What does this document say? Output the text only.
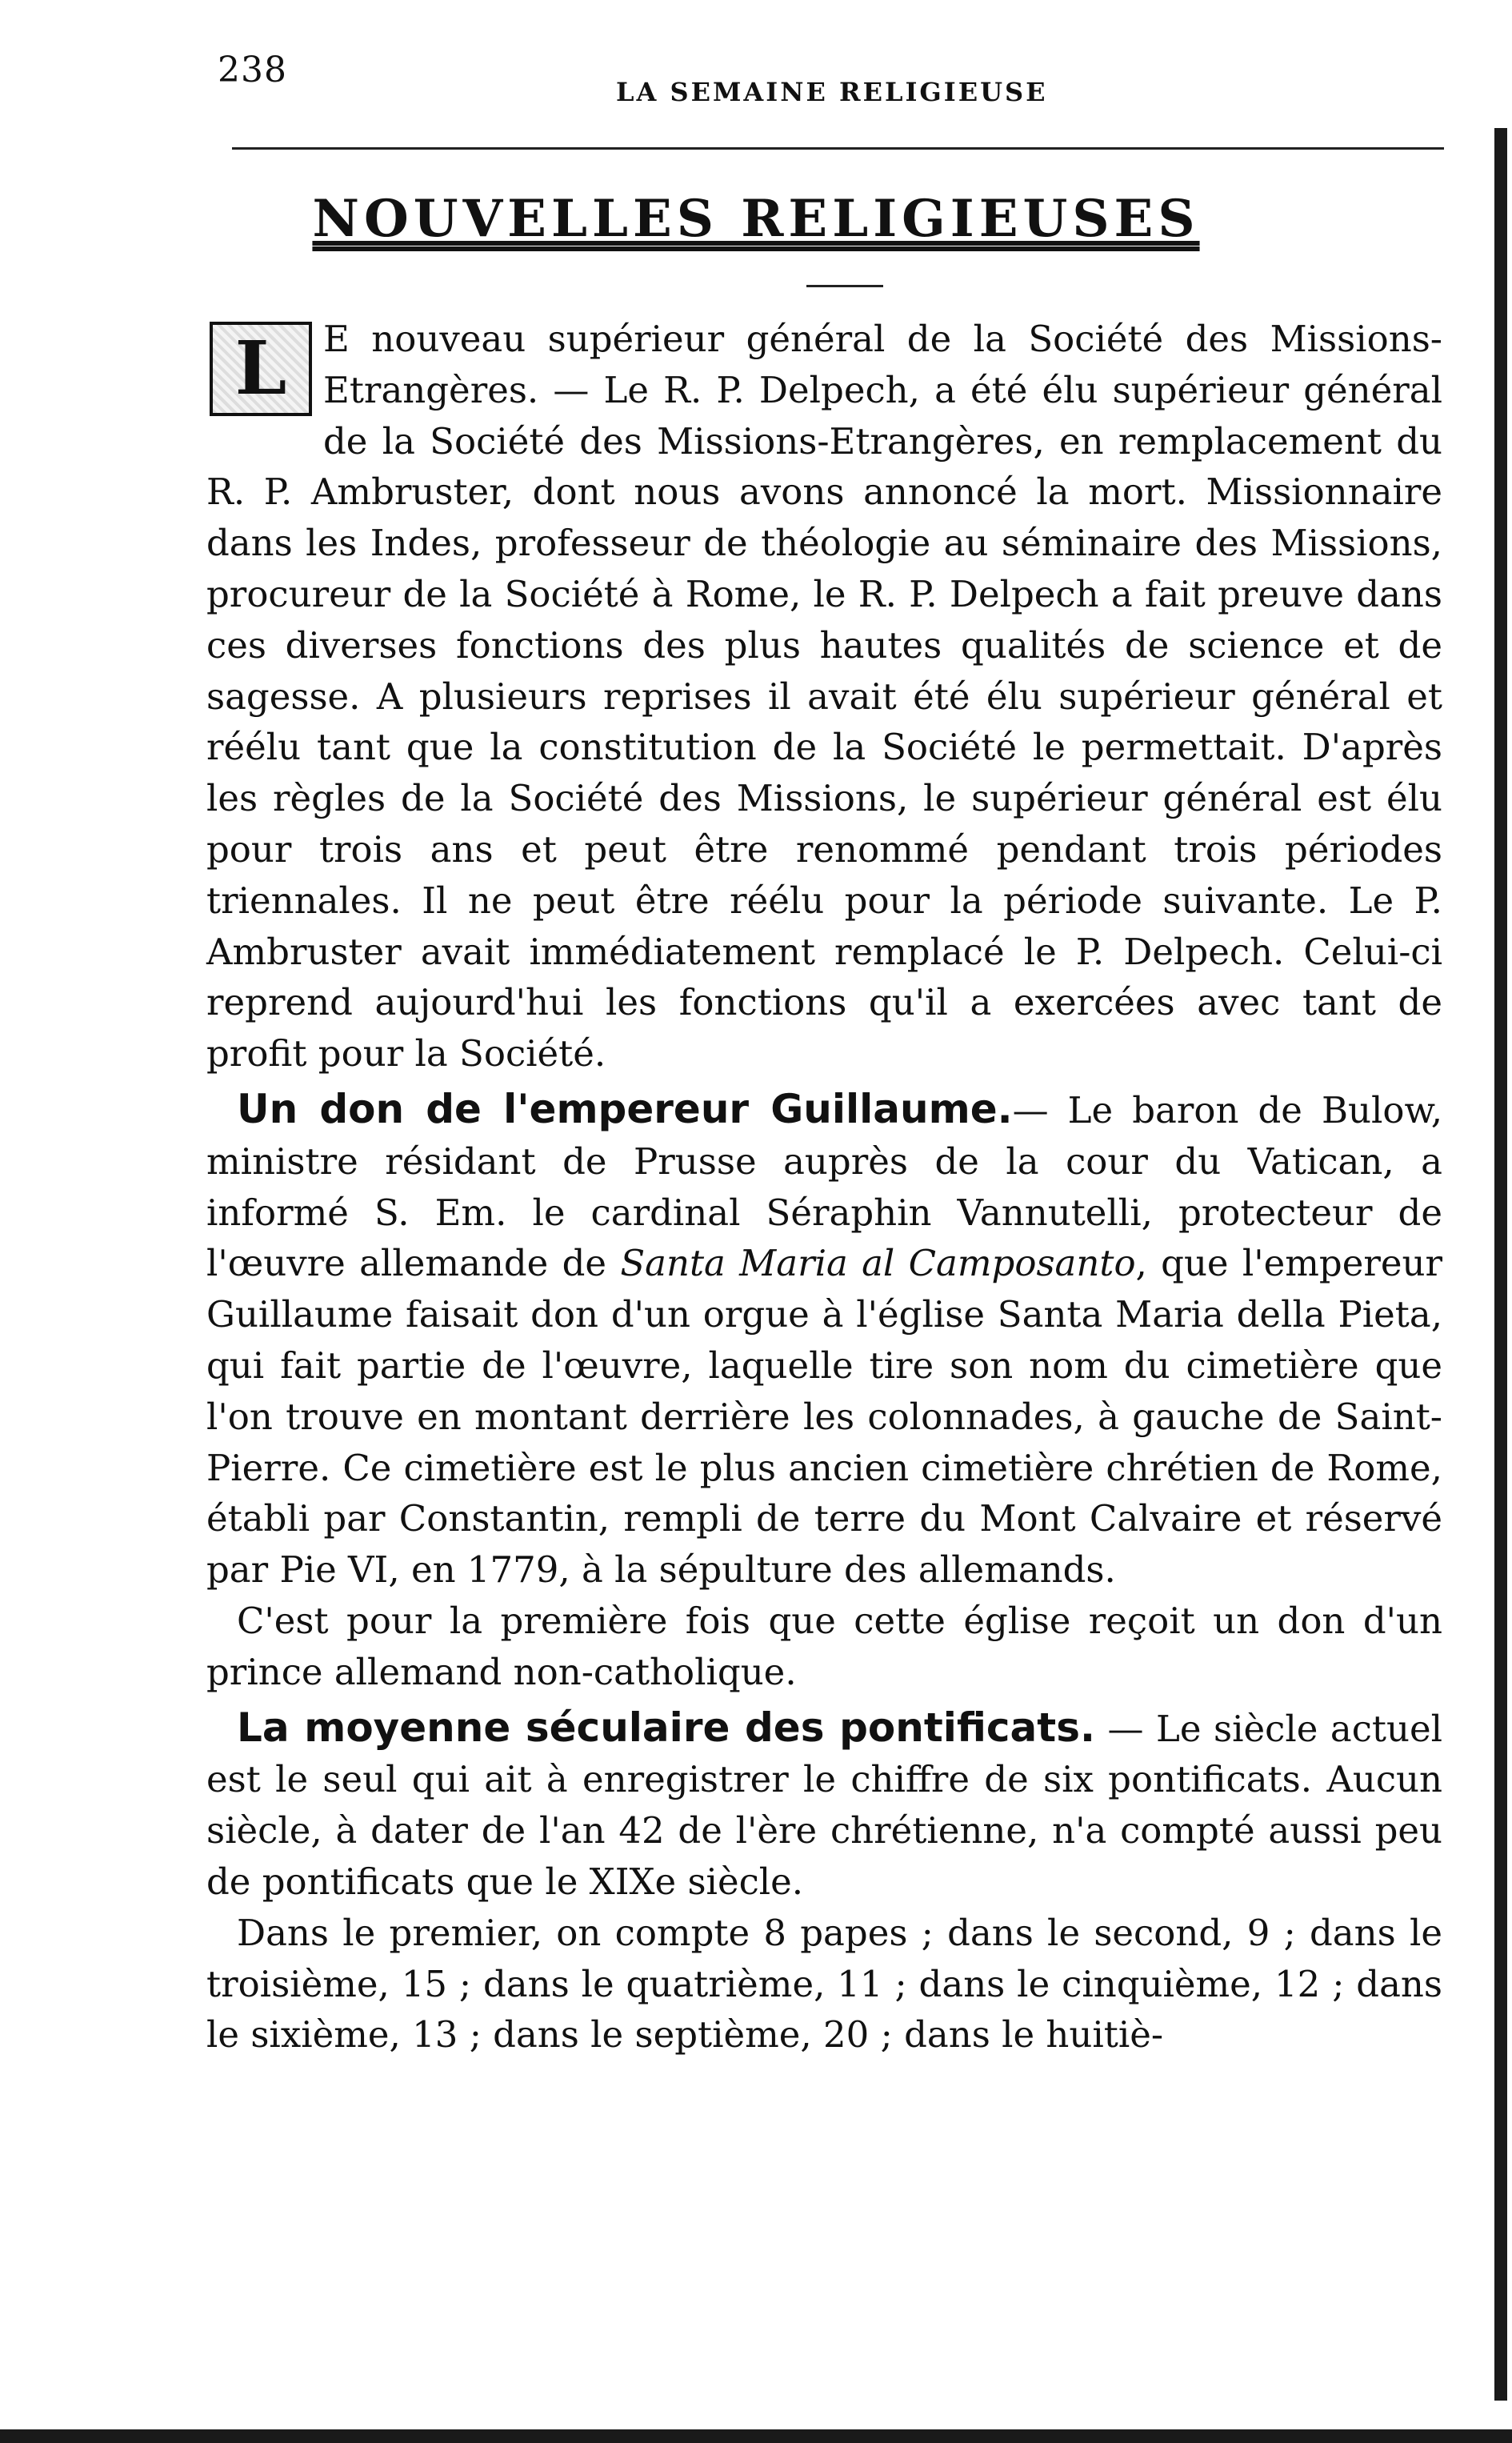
238
LA SEMAINE RELIGIEUSE
NOUVELLES RELIGIEUSES

L	E nouveau supérieur général de la Société des Missions-Etrangères. — Le R. P. Delpech, a été élu supérieur général de la Société des Missions-Etrangères, en remplacement du R. P. Ambruster, dont nous avons annoncé la mort. Missionnaire dans les Indes, professeur de théologie au séminaire des Missions, procureur de la Société à Rome, le R. P. Delpech a fait preuve dans ces diverses fonctions des plus hautes qualités de science et de sagesse. A plusieurs reprises il avait été élu supérieur général et réélu tant que la constitution de la Société le permettait. D'après les règles de la Société des Missions, le supérieur général est élu pour trois ans et peut être renommé pendant trois périodes triennales. Il ne peut être réélu pour la période suivante. Le P. Ambruster avait immédiatement remplacé le P. Delpech. Celui-ci reprend aujourd'hui les fonctions qu'il a exercées avec tant de profit pour la Société.

Un don de l'empereur Guillaume.— Le baron de Bulow, ministre résidant de Prusse auprès de la cour du Vatican, a informé S. Em. le cardinal Séraphin Vannutelli, protecteur de l'œuvre allemande de Santa Maria al Camposanto, que l'empereur Guillaume faisait don d'un orgue à l'église Santa Maria della Pieta, qui fait partie de l'œuvre, laquelle tire son nom du cimetière que l'on trouve en montant derrière les colonnades, à gauche de Saint-Pierre. Ce cimetière est le plus ancien cimetière chrétien de Rome, établi par Constantin, rempli de terre du Mont Calvaire et réservé par Pie VI, en 1779, à la sépulture des allemands.

C'est pour la première fois que cette église reçoit un don d'un prince allemand non-catholique.

La moyenne séculaire des pontificats. — Le siècle actuel est le seul qui ait à enregistrer le chiffre de six pontificats. Aucun siècle, à dater de l'an 42 de l'ère chrétienne, n'a compté aussi peu de pontificats que le XIXe siècle.

Dans le premier, on compte 8 papes ; dans le second, 9 ; dans le troisième, 15 ; dans le quatrième, 11 ; dans le cinquième, 12 ; dans le sixième, 13 ; dans le septième, 20 ; dans le huitiè-
